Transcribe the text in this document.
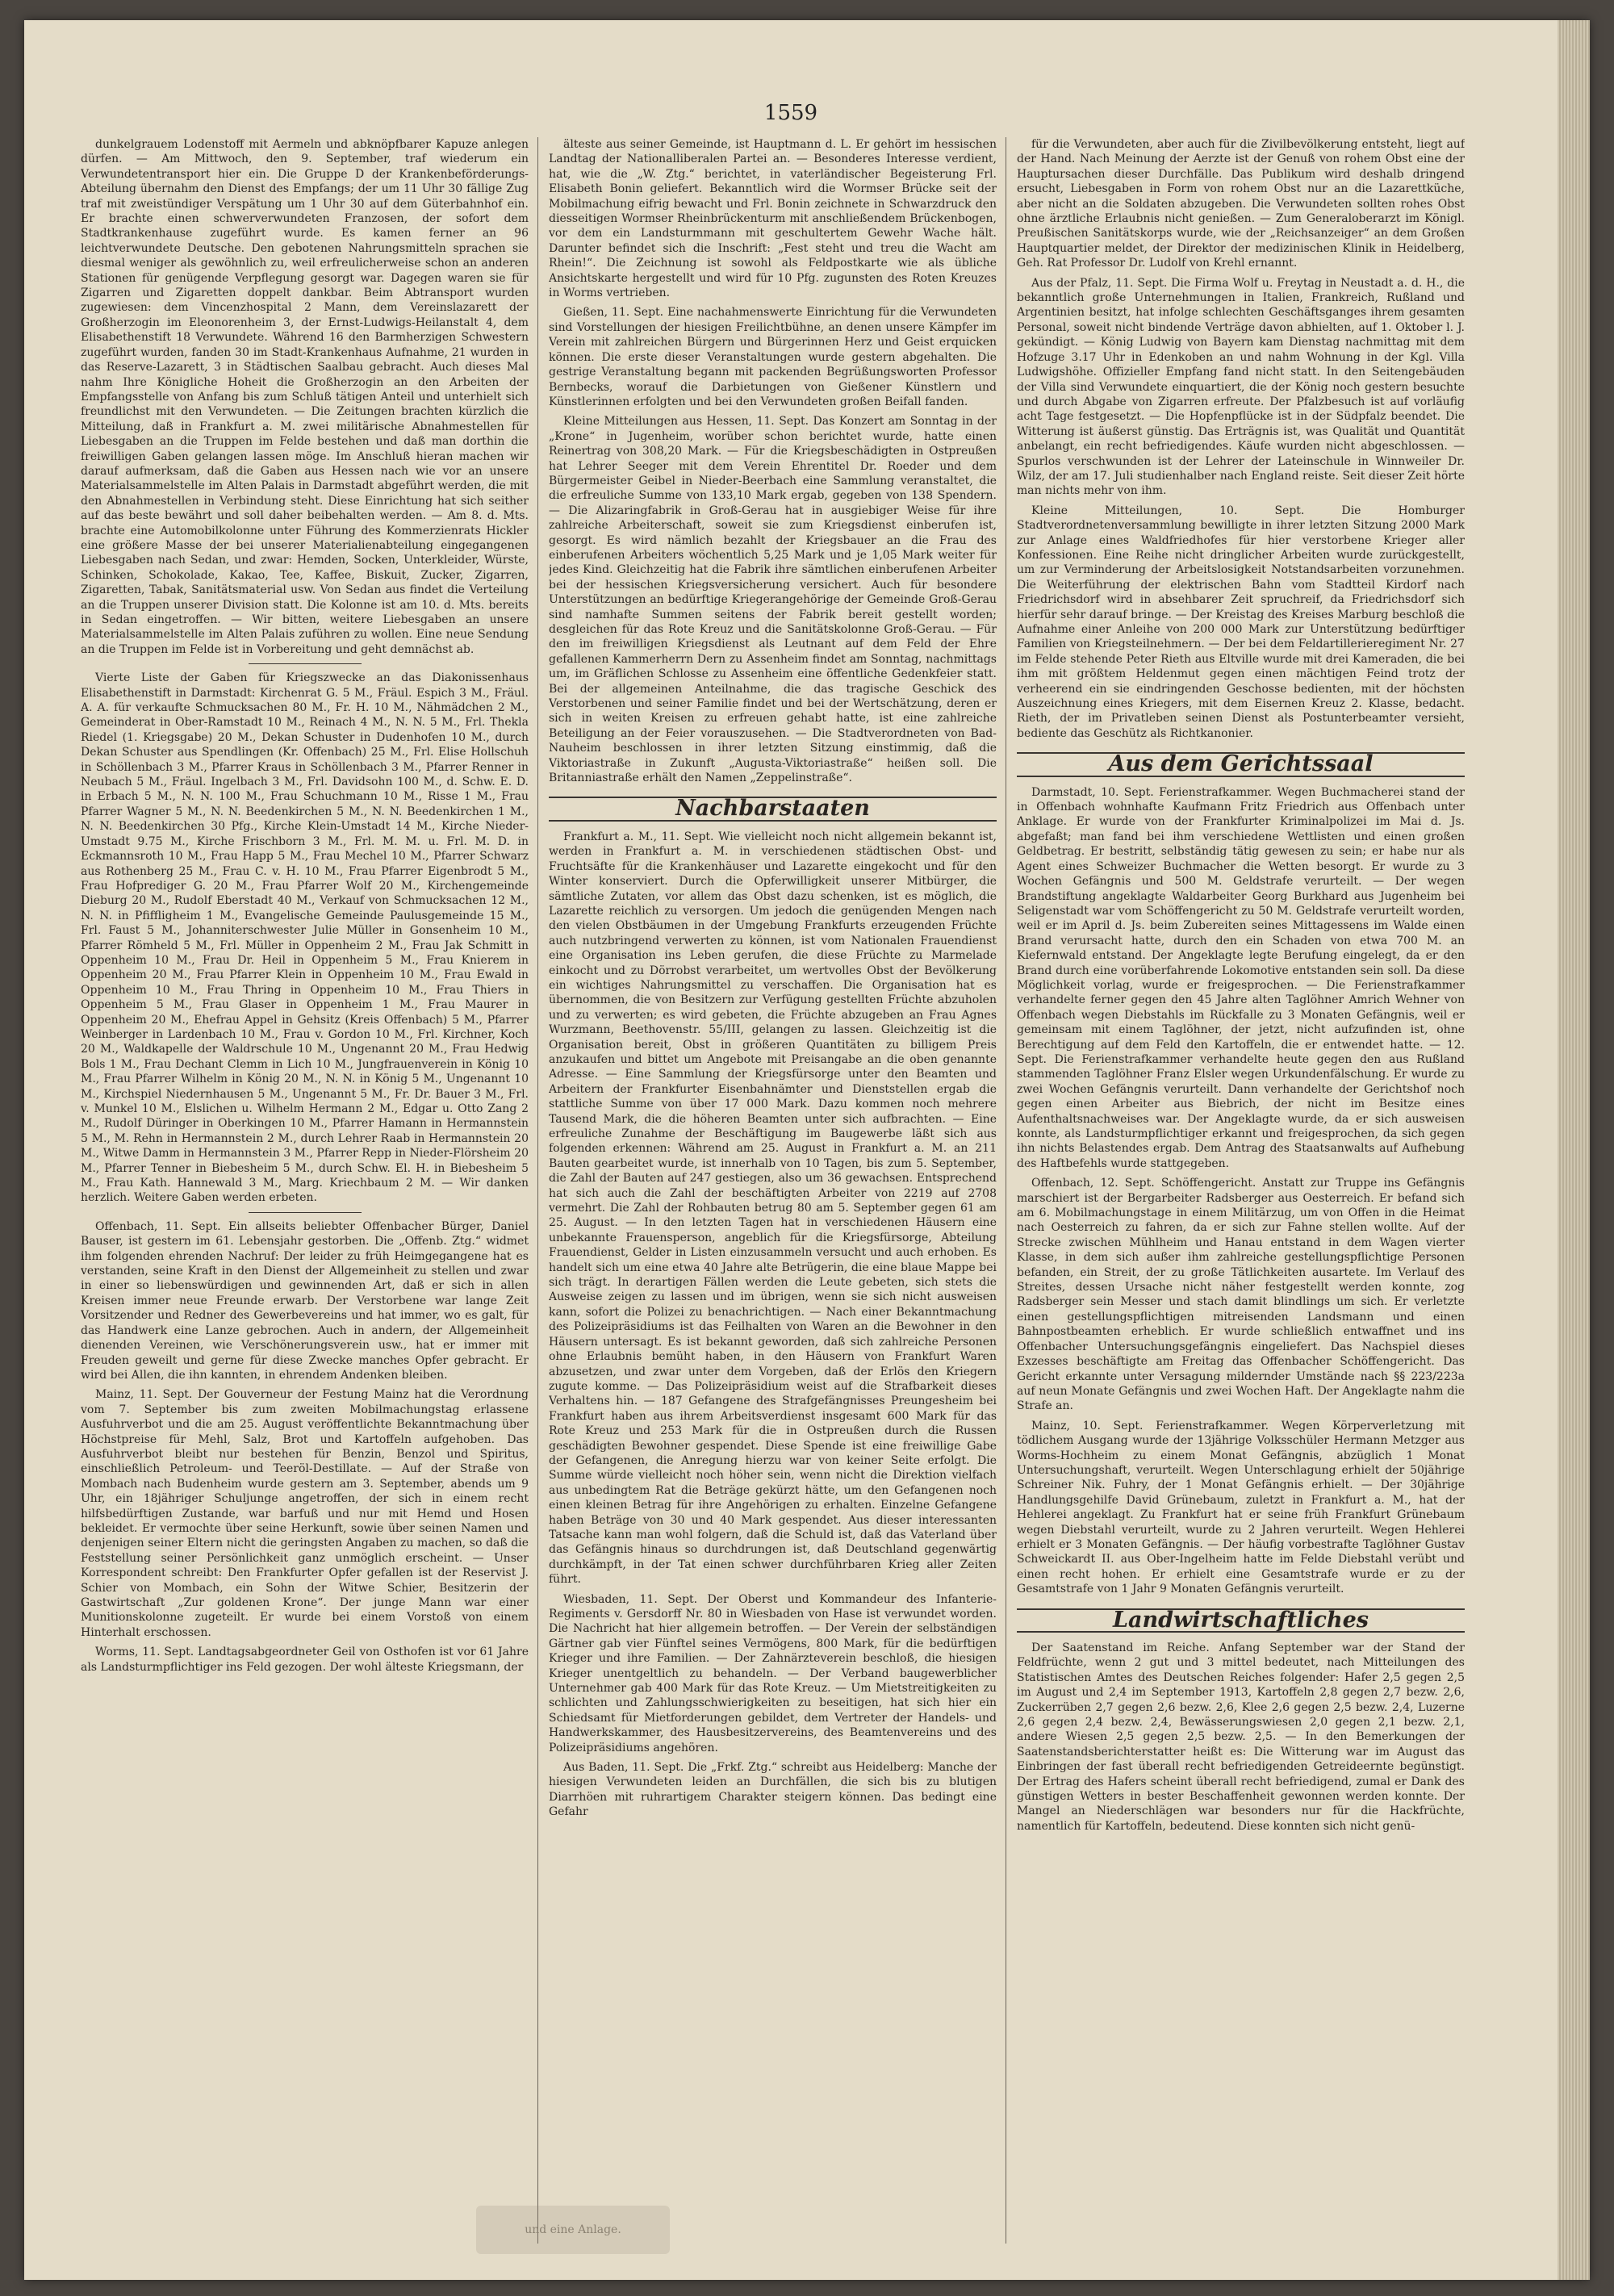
1559

dunkelgrauem Lodenstoff mit Aermeln und abknöpfbarer Kapuze anlegen dürfen. — Am Mittwoch, den 9. September, traf wiederum ein Verwundetentransport hier ein. Die Gruppe D der Krankenbeförderungs-Abteilung übernahm den Dienst des Empfangs; der um 11 Uhr 30 fällige Zug traf mit zweistündiger Verspätung um 1 Uhr 30 auf dem Güterbahnhof ein. Er brachte einen schwerverwundeten Franzosen, der sofort dem Stadtkrankenhause zugeführt wurde. Es kamen ferner an 96 leichtverwundete Deutsche. Den gebotenen Nahrungsmitteln sprachen sie diesmal weniger als gewöhnlich zu, weil erfreulicherweise schon an anderen Stationen für genügende Verpflegung gesorgt war. Dagegen waren sie für Zigarren und Zigaretten doppelt dankbar. Beim Abtransport wurden zugewiesen: dem Vincenzhospital 2 Mann, dem Vereinslazarett der Großherzogin im Eleonorenheim 3, der Ernst-Ludwigs-Heilanstalt 4, dem Elisabethenstift 18 Verwundete. Während 16 den Barmherzigen Schwestern zugeführt wurden, fanden 30 im Stadt-Krankenhaus Aufnahme, 21 wurden in das Reserve-Lazarett, 3 in Städtischen Saalbau gebracht. Auch dieses Mal nahm Ihre Königliche Hoheit die Großherzogin an den Arbeiten der Empfangsstelle von Anfang bis zum Schluß tätigen Anteil und unterhielt sich freundlichst mit den Verwundeten. — Die Zeitungen brachten kürzlich die Mitteilung, daß in Frankfurt a. M. zwei militärische Abnahmestellen für Liebesgaben an die Truppen im Felde bestehen und daß man dorthin die freiwilligen Gaben gelangen lassen möge. Im Anschluß hieran machen wir darauf aufmerksam, daß die Gaben aus Hessen nach wie vor an unsere Materialsammelstelle im Alten Palais in Darmstadt abgeführt werden, die mit den Abnahmestellen in Verbindung steht. Diese Einrichtung hat sich seither auf das beste bewährt und soll daher beibehalten werden. — Am 8. d. Mts. brachte eine Automobilkolonne unter Führung des Kommerzienrats Hickler eine größere Masse der bei unserer Materialienabteilung eingegangenen Liebesgaben nach Sedan, und zwar: Hemden, Socken, Unterkleider, Würste, Schinken, Schokolade, Kakao, Tee, Kaffee, Biskuit, Zucker, Zigarren, Zigaretten, Tabak, Sanitätsmaterial usw. Von Sedan aus findet die Verteilung an die Truppen unserer Division statt. Die Kolonne ist am 10. d. Mts. bereits in Sedan eingetroffen. — Wir bitten, weitere Liebesgaben an unsere Materialsammelstelle im Alten Palais zuführen zu wollen. Eine neue Sendung an die Truppen im Felde ist in Vorbereitung und geht demnächst ab.

Vierte Liste der Gaben für Kriegszwecke an das Diakonissenhaus Elisabethenstift in Darmstadt: Kirchenrat G. 5 M., Fräul. Espich 3 M., Fräul. A. A. für verkaufte Schmucksachen 80 M., Fr. H. 10 M., Nähmädchen 2 M., Gemeinderat in Ober-Ramstadt 10 M., Reinach 4 M., N. N. 5 M., Frl. Thekla Riedel (1. Kriegsgabe) 20 M., Dekan Schuster in Dudenhofen 10 M., durch Dekan Schuster aus Spendlingen (Kr. Offenbach) 25 M., Frl. Elise Hollschuh in Schöllenbach 3 M., Pfarrer Kraus in Schöllenbach 3 M., Pfarrer Renner in Neubach 5 M., Fräul. Ingelbach 3 M., Frl. Davidsohn 100 M., d. Schw. E. D. in Erbach 5 M., N. N. 100 M., Frau Schuchmann 10 M., Risse 1 M., Frau Pfarrer Wagner 5 M., N. N. Beedenkirchen 5 M., N. N. Beedenkirchen 1 M., N. N. Beedenkirchen 30 Pfg., Kirche Klein-Umstadt 14 M., Kirche Nieder-Umstadt 9.75 M., Kirche Frischborn 3 M., Frl. M. M. u. Frl. M. D. in Eckmannsroth 10 M., Frau Happ 5 M., Frau Mechel 10 M., Pfarrer Schwarz aus Rothenberg 25 M., Frau C. v. H. 10 M., Frau Pfarrer Eigenbrodt 5 M., Frau Hofprediger G. 20 M., Frau Pfarrer Wolf 20 M., Kirchengemeinde Dieburg 20 M., Rudolf Eberstadt 40 M., Verkauf von Schmucksachen 12 M., N. N. in Pfiffligheim 1 M., Evangelische Gemeinde Paulusgemeinde 15 M., Frl. Faust 5 M., Johanniterschwester Julie Müller in Gonsenheim 10 M., Pfarrer Römheld 5 M., Frl. Müller in Oppenheim 2 M., Frau Jak Schmitt in Oppenheim 10 M., Frau Dr. Heil in Oppenheim 5 M., Frau Knierem in Oppenheim 20 M., Frau Pfarrer Klein in Oppenheim 10 M., Frau Ewald in Oppenheim 10 M., Frau Thring in Oppenheim 10 M., Frau Thiers in Oppenheim 5 M., Frau Glaser in Oppenheim 1 M., Frau Maurer in Oppenheim 20 M., Ehefrau Appel in Gehsitz (Kreis Offenbach) 5 M., Pfarrer Weinberger in Lardenbach 10 M., Frau v. Gordon 10 M., Frl. Kirchner, Koch 20 M., Waldkapelle der Waldrschule 10 M., Ungenannt 20 M., Frau Hedwig Bols 1 M., Frau Dechant Clemm in Lich 10 M., Jungfrauenverein in König 10 M., Frau Pfarrer Wilhelm in König 20 M., N. N. in König 5 M., Ungenannt 10 M., Kirchspiel Niedernhausen 5 M., Ungenannt 5 M., Fr. Dr. Bauer 3 M., Frl. v. Munkel 10 M., Elslichen u. Wilhelm Hermann 2 M., Edgar u. Otto Zang 2 M., Rudolf Düringer in Oberkingen 10 M., Pfarrer Hamann in Hermannstein 5 M., M. Rehn in Hermannstein 2 M., durch Lehrer Raab in Hermannstein 20 M., Witwe Damm in Hermannstein 3 M., Pfarrer Repp in Nieder-Flörsheim 20 M., Pfarrer Tenner in Biebesheim 5 M., durch Schw. El. H. in Biebesheim 5 M., Frau Kath. Hannewald 3 M., Marg. Kriechbaum 2 M. — Wir danken herzlich. Weitere Gaben werden erbeten.

Offenbach, 11. Sept. Ein allseits beliebter Offenbacher Bürger, Daniel Bauser, ist gestern im 61. Lebensjahr gestorben. Die „Offenb. Ztg.“ widmet ihm folgenden ehrenden Nachruf: Der leider zu früh Heimgegangene hat es verstanden, seine Kraft in den Dienst der Allgemeinheit zu stellen und zwar in einer so liebenswürdigen und gewinnenden Art, daß er sich in allen Kreisen immer neue Freunde erwarb. Der Verstorbene war lange Zeit Vorsitzender und Redner des Gewerbevereins und hat immer, wo es galt, für das Handwerk eine Lanze gebrochen. Auch in andern, der Allgemeinheit dienenden Vereinen, wie Verschönerungsverein usw., hat er immer mit Freuden geweilt und gerne für diese Zwecke manches Opfer gebracht. Er wird bei Allen, die ihn kannten, in ehrendem Andenken bleiben.

Mainz, 11. Sept. Der Gouverneur der Festung Mainz hat die Verordnung vom 7. September bis zum zweiten Mobilmachungstag erlassene Ausfuhrverbot und die am 25. August veröffentlichte Bekanntmachung über Höchstpreise für Mehl, Salz, Brot und Kartoffeln aufgehoben. Das Ausfuhrverbot bleibt nur bestehen für Benzin, Benzol und Spiritus, einschließlich Petroleum- und Teeröl-Destillate. — Auf der Straße von Mombach nach Budenheim wurde gestern am 3. September, abends um 9 Uhr, ein 18jähriger Schuljunge angetroffen, der sich in einem recht hilfsbedürftigen Zustande, war barfuß und nur mit Hemd und Hosen bekleidet. Er vermochte über seine Herkunft, sowie über seinen Namen und denjenigen seiner Eltern nicht die geringsten Angaben zu machen, so daß die Feststellung seiner Persönlichkeit ganz unmöglich erscheint. — Unser Korrespondent schreibt: Den Frankfurter Opfer gefallen ist der Reservist J. Schier von Mombach, ein Sohn der Witwe Schier, Besitzerin der Gastwirtschaft „Zur goldenen Krone“. Der junge Mann war einer Munitionskolonne zugeteilt. Er wurde bei einem Vorstoß von einem Hinterhalt erschossen.

Worms, 11. Sept. Landtagsabgeordneter Geil von Osthofen ist vor 61 Jahre als Landsturmpflichtiger ins Feld gezogen. Der wohl älteste Kriegsmann, der

älteste aus seiner Gemeinde, ist Hauptmann d. L. Er gehört im hessischen Landtag der Nationalliberalen Partei an. — Besonderes Interesse verdient, hat, wie die „W. Ztg.“ berichtet, in vaterländischer Begeisterung Frl. Elisabeth Bonin geliefert. Bekanntlich wird die Wormser Brücke seit der Mobilmachung eifrig bewacht und Frl. Bonin zeichnete in Schwarzdruck den diesseitigen Wormser Rheinbrückenturm mit anschließendem Brückenbogen, vor dem ein Landsturmmann mit geschultertem Gewehr Wache hält. Darunter befindet sich die Inschrift: „Fest steht und treu die Wacht am Rhein!“. Die Zeichnung ist sowohl als Feldpostkarte wie als übliche Ansichtskarte hergestellt und wird für 10 Pfg. zugunsten des Roten Kreuzes in Worms vertrieben.

Gießen, 11. Sept. Eine nachahmenswerte Einrichtung für die Verwundeten sind Vorstellungen der hiesigen Freilichtbühne, an denen unsere Kämpfer im Verein mit zahlreichen Bürgern und Bürgerinnen Herz und Geist erquicken können. Die erste dieser Veranstaltungen wurde gestern abgehalten. Die gestrige Veranstaltung begann mit packenden Begrüßungsworten Professor Bernbecks, worauf die Darbietungen von Gießener Künstlern und Künstlerinnen erfolgten und bei den Verwundeten großen Beifall fanden.

Kleine Mitteilungen aus Hessen, 11. Sept. Das Konzert am Sonntag in der „Krone“ in Jugenheim, worüber schon berichtet wurde, hatte einen Reinertrag von 308,20 Mark. — Für die Kriegsbeschädigten in Ostpreußen hat Lehrer Seeger mit dem Verein Ehrentitel Dr. Roeder und dem Bürgermeister Geibel in Nieder-Beerbach eine Sammlung veranstaltet, die die erfreuliche Summe von 133,10 Mark ergab, gegeben von 138 Spendern. — Die Alizaringfabrik in Groß-Gerau hat in ausgiebiger Weise für ihre zahlreiche Arbeiterschaft, soweit sie zum Kriegsdienst einberufen ist, gesorgt. Es wird nämlich bezahlt der Kriegsbauer an die Frau des einberufenen Arbeiters wöchentlich 5,25 Mark und je 1,05 Mark weiter für jedes Kind. Gleichzeitig hat die Fabrik ihre sämtlichen einberufenen Arbeiter bei der hessischen Kriegsversicherung versichert. Auch für besondere Unterstützungen an bedürftige Kriegerangehörige der Gemeinde Groß-Gerau sind namhafte Summen seitens der Fabrik bereit gestellt worden; desgleichen für das Rote Kreuz und die Sanitätskolonne Groß-Gerau. — Für den im freiwilligen Kriegsdienst als Leutnant auf dem Feld der Ehre gefallenen Kammerherrn Dern zu Assenheim findet am Sonntag, nachmittags um, im Gräflichen Schlosse zu Assenheim eine öffentliche Gedenkfeier statt. Bei der allgemeinen Anteilnahme, die das tragische Geschick des Verstorbenen und seiner Familie findet und bei der Wertschätzung, deren er sich in weiten Kreisen zu erfreuen gehabt hatte, ist eine zahlreiche Beteiligung an der Feier vorauszusehen. — Die Stadtverordneten von Bad-Nauheim beschlossen in ihrer letzten Sitzung einstimmig, daß die Viktoriastraße in Zukunft „Augusta-Viktoriastraße“ heißen soll. Die Britanniastraße erhält den Namen „Zeppelinstraße“.

Nachbarstaaten

Frankfurt a. M., 11. Sept. Wie vielleicht noch nicht allgemein bekannt ist, werden in Frankfurt a. M. in verschiedenen städtischen Obst- und Fruchtsäfte für die Krankenhäuser und Lazarette eingekocht und für den Winter konserviert. Durch die Opferwilligkeit unserer Mitbürger, die sämtliche Zutaten, vor allem das Obst dazu schenken, ist es möglich, die Lazarette reichlich zu versorgen. Um jedoch die genügenden Mengen nach den vielen Obstbäumen in der Umgebung Frankfurts erzeugenden Früchte auch nutzbringend verwerten zu können, ist vom Nationalen Frauendienst eine Organisation ins Leben gerufen, die diese Früchte zu Marmelade einkocht und zu Dörrobst verarbeitet, um wertvolles Obst der Bevölkerung ein wichtiges Nahrungsmittel zu verschaffen. Die Organisation hat es übernommen, die von Besitzern zur Verfügung gestellten Früchte abzuholen und zu verwerten; es wird gebeten, die Früchte abzugeben an Frau Agnes Wurzmann, Beethovenstr. 55/III, gelangen zu lassen. Gleichzeitig ist die Organisation bereit, Obst in größeren Quantitäten zu billigem Preis anzukaufen und bittet um Angebote mit Preisangabe an die oben genannte Adresse. — Eine Sammlung der Kriegsfürsorge unter den Beamten und Arbeitern der Frankfurter Eisenbahnämter und Dienststellen ergab die stattliche Summe von über 17 000 Mark. Dazu kommen noch mehrere Tausend Mark, die die höheren Beamten unter sich aufbrachten. — Eine erfreuliche Zunahme der Beschäftigung im Baugewerbe läßt sich aus folgenden erkennen: Während am 25. August in Frankfurt a. M. an 211 Bauten gearbeitet wurde, ist innerhalb von 10 Tagen, bis zum 5. September, die Zahl der Bauten auf 247 gestiegen, also um 36 gewachsen. Entsprechend hat sich auch die Zahl der beschäftigten Arbeiter von 2219 auf 2708 vermehrt. Die Zahl der Rohbauten betrug 80 am 5. September gegen 61 am 25. August. — In den letzten Tagen hat in verschiedenen Häusern eine unbekannte Frauensperson, angeblich für die Kriegsfürsorge, Abteilung Frauendienst, Gelder in Listen einzusammeln versucht und auch erhoben. Es handelt sich um eine etwa 40 Jahre alte Betrügerin, die eine blaue Mappe bei sich trägt. In derartigen Fällen werden die Leute gebeten, sich stets die Ausweise zeigen zu lassen und im übrigen, wenn sie sich nicht ausweisen kann, sofort die Polizei zu benachrichtigen. — Nach einer Bekanntmachung des Polizeipräsidiums ist das Feilhalten von Waren an die Bewohner in den Häusern untersagt. Es ist bekannt geworden, daß sich zahlreiche Personen ohne Erlaubnis bemüht haben, in den Häusern von Frankfurt Waren abzusetzen, und zwar unter dem Vorgeben, daß der Erlös den Kriegern zugute komme. — Das Polizeipräsidium weist auf die Strafbarkeit dieses Verhaltens hin. — 187 Gefangene des Strafgefängnisses Preungesheim bei Frankfurt haben aus ihrem Arbeitsverdienst insgesamt 600 Mark für das Rote Kreuz und 253 Mark für die in Ostpreußen durch die Russen geschädigten Bewohner gespendet. Diese Spende ist eine freiwillige Gabe der Gefangenen, die Anregung hierzu war von keiner Seite erfolgt. Die Summe würde vielleicht noch höher sein, wenn nicht die Direktion vielfach aus unbedingtem Rat die Beträge gekürzt hätte, um den Gefangenen noch einen kleinen Betrag für ihre Angehörigen zu erhalten. Einzelne Gefangene haben Beträge von 30 und 40 Mark gespendet. Aus dieser interessanten Tatsache kann man wohl folgern, daß die Schuld ist, daß das Vaterland über das Gefängnis hinaus so durchdrungen ist, daß Deutschland gegenwärtig durchkämpft, in der Tat einen schwer durchführbaren Krieg aller Zeiten führt.

Wiesbaden, 11. Sept. Der Oberst und Kommandeur des Infanterie-Regiments v. Gersdorff Nr. 80 in Wiesbaden von Hase ist verwundet worden. Die Nachricht hat hier allgemein betroffen. — Der Verein der selbständigen Gärtner gab vier Fünftel seines Vermögens, 800 Mark, für die bedürftigen Krieger und ihre Familien. — Der Zahnärzteverein beschloß, die hiesigen Krieger unentgeltlich zu behandeln. — Der Verband baugewerblicher Unternehmer gab 400 Mark für das Rote Kreuz. — Um Mietstreitigkeiten zu schlichten und Zahlungsschwierigkeiten zu beseitigen, hat sich hier ein Schiedsamt für Mietforderungen gebildet, dem Vertreter der Handels- und Handwerkskammer, des Hausbesitzervereins, des Beamtenvereins und des Polizeipräsidiums angehören.

Aus Baden, 11. Sept. Die „Frkf. Ztg.“ schreibt aus Heidelberg: Manche der hiesigen Verwundeten leiden an Durchfällen, die sich bis zu blutigen Diarrhöen mit ruhrartigem Charakter steigern können. Das bedingt eine Gefahr

für die Verwundeten, aber auch für die Zivilbevölkerung entsteht, liegt auf der Hand. Nach Meinung der Aerzte ist der Genuß von rohem Obst eine der Hauptursachen dieser Durchfälle. Das Publikum wird deshalb dringend ersucht, Liebesgaben in Form von rohem Obst nur an die Lazarettküche, aber nicht an die Soldaten abzugeben. Die Verwundeten sollten rohes Obst ohne ärztliche Erlaubnis nicht genießen. — Zum Generaloberarzt im Königl. Preußischen Sanitätskorps wurde, wie der „Reichsanzeiger“ an dem Großen Hauptquartier meldet, der Direktor der medizinischen Klinik in Heidelberg, Geh. Rat Professor Dr. Ludolf von Krehl ernannt.

Aus der Pfalz, 11. Sept. Die Firma Wolf u. Freytag in Neustadt a. d. H., die bekanntlich große Unternehmungen in Italien, Frankreich, Rußland und Argentinien besitzt, hat infolge schlechten Geschäftsganges ihrem gesamten Personal, soweit nicht bindende Verträge davon abhielten, auf 1. Oktober l. J. gekündigt. — König Ludwig von Bayern kam Dienstag nachmittag mit dem Hofzuge 3.17 Uhr in Edenkoben an und nahm Wohnung in der Kgl. Villa Ludwigshöhe. Offizieller Empfang fand nicht statt. In den Seitengebäuden der Villa sind Verwundete einquartiert, die der König noch gestern besuchte und durch Abgabe von Zigarren erfreute. Der Pfalzbesuch ist auf vorläufig acht Tage festgesetzt. — Die Hopfenpflücke ist in der Südpfalz beendet. Die Witterung ist äußerst günstig. Das Erträgnis ist, was Qualität und Quantität anbelangt, ein recht befriedigendes. Käufe wurden nicht abgeschlossen. — Spurlos verschwunden ist der Lehrer der Lateinschule in Winnweiler Dr. Wilz, der am 17. Juli studienhalber nach England reiste. Seit dieser Zeit hörte man nichts mehr von ihm.

Kleine Mitteilungen, 10. Sept. Die Homburger Stadtverordnetenversammlung bewilligte in ihrer letzten Sitzung 2000 Mark zur Anlage eines Waldfriedhofes für hier verstorbene Krieger aller Konfessionen. Eine Reihe nicht dringlicher Arbeiten wurde zurückgestellt, um zur Verminderung der Arbeitslosigkeit Notstandsarbeiten vorzunehmen. Die Weiterführung der elektrischen Bahn vom Stadtteil Kirdorf nach Friedrichsdorf wird in absehbarer Zeit spruchreif, da Friedrichsdorf sich hierfür sehr darauf bringe. — Der Kreistag des Kreises Marburg beschloß die Aufnahme einer Anleihe von 200 000 Mark zur Unterstützung bedürftiger Familien von Kriegsteilnehmern. — Der bei dem Feldartillerieregiment Nr. 27 im Felde stehende Peter Rieth aus Eltville wurde mit drei Kameraden, die bei ihm mit größtem Heldenmut gegen einen mächtigen Feind trotz der verheerend ein sie eindringenden Geschosse bedienten, mit der höchsten Auszeichnung eines Kriegers, mit dem Eisernen Kreuz 2. Klasse, bedacht. Rieth, der im Privatleben seinen Dienst als Postunterbeamter versieht, bediente das Geschütz als Richtkanonier.

Aus dem Gerichtssaal

Darmstadt, 10. Sept. Ferienstrafkammer. Wegen Buchmacherei stand der in Offenbach wohnhafte Kaufmann Fritz Friedrich aus Offenbach unter Anklage. Er wurde von der Frankfurter Kriminalpolizei im Mai d. Js. abgefaßt; man fand bei ihm verschiedene Wettlisten und einen großen Geldbetrag. Er bestritt, selbständig tätig gewesen zu sein; er habe nur als Agent eines Schweizer Buchmacher die Wetten besorgt. Er wurde zu 3 Wochen Gefängnis und 500 M. Geldstrafe verurteilt. — Der wegen Brandstiftung angeklagte Waldarbeiter Georg Burkhard aus Jugenheim bei Seligenstadt war vom Schöffengericht zu 50 M. Geldstrafe verurteilt worden, weil er im April d. Js. beim Zubereiten seines Mittagessens im Walde einen Brand verursacht hatte, durch den ein Schaden von etwa 700 M. an Kiefernwald entstand. Der Angeklagte legte Berufung eingelegt, da er den Brand durch eine vorüberfahrende Lokomotive entstanden sein soll. Da diese Möglichkeit vorlag, wurde er freigesprochen. — Die Ferienstrafkammer verhandelte ferner gegen den 45 Jahre alten Taglöhner Amrich Wehner von Offenbach wegen Diebstahls im Rückfalle zu 3 Monaten Gefängnis, weil er gemeinsam mit einem Taglöhner, der jetzt, nicht aufzufinden ist, ohne Berechtigung auf dem Feld den Kartoffeln, die er entwendet hatte. — 12. Sept. Die Ferienstrafkammer verhandelte heute gegen den aus Rußland stammenden Taglöhner Franz Elsler wegen Urkundenfälschung. Er wurde zu zwei Wochen Gefängnis verurteilt. Dann verhandelte der Gerichtshof noch gegen einen Arbeiter aus Biebrich, der nicht im Besitze eines Aufenthaltsnachweises war. Der Angeklagte wurde, da er sich ausweisen konnte, als Landsturmpflichtiger erkannt und freigesprochen, da sich gegen ihn nichts Belastendes ergab. Dem Antrag des Staatsanwalts auf Aufhebung des Haftbefehls wurde stattgegeben.

Offenbach, 12. Sept. Schöffengericht. Anstatt zur Truppe ins Gefängnis marschiert ist der Bergarbeiter Radsberger aus Oesterreich. Er befand sich am 6. Mobilmachungstage in einem Militärzug, um von Offen in die Heimat nach Oesterreich zu fahren, da er sich zur Fahne stellen wollte. Auf der Strecke zwischen Mühlheim und Hanau entstand in dem Wagen vierter Klasse, in dem sich außer ihm zahlreiche gestellungspflichtige Personen befanden, ein Streit, der zu große Tätlichkeiten ausartete. Im Verlauf des Streites, dessen Ursache nicht näher festgestellt werden konnte, zog Radsberger sein Messer und stach damit blindlings um sich. Er verletzte einen gestellungspflichtigen mitreisenden Landsmann und einen Bahnpostbeamten erheblich. Er wurde schließlich entwaffnet und ins Offenbacher Untersuchungsgefängnis eingeliefert. Das Nachspiel dieses Exzesses beschäftigte am Freitag das Offenbacher Schöffengericht. Das Gericht erkannte unter Versagung mildernder Umstände nach §§ 223/223a auf neun Monate Gefängnis und zwei Wochen Haft. Der Angeklagte nahm die Strafe an.

Mainz, 10. Sept. Ferienstrafkammer. Wegen Körperverletzung mit tödlichem Ausgang wurde der 13jährige Volksschüler Hermann Metzger aus Worms-Hochheim zu einem Monat Gefängnis, abzüglich 1 Monat Untersuchungshaft, verurteilt. Wegen Unterschlagung erhielt der 50jährige Schreiner Nik. Fuhry, der 1 Monat Gefängnis erhielt. — Der 30jährige Handlungsgehilfe David Grünebaum, zuletzt in Frankfurt a. M., hat der Hehlerei angeklagt. Zu Frankfurt hat er seine früh Frankfurt Grünebaum wegen Diebstahl verurteilt, wurde zu 2 Jahren verurteilt. Wegen Hehlerei erhielt er 3 Monaten Gefängnis. — Der häufig vorbestrafte Taglöhner Gustav Schweickardt II. aus Ober-Ingelheim hatte im Felde Diebstahl verübt und einen recht hohen. Er erhielt eine Gesamtstrafe wurde er zu der Gesamtstrafe von 1 Jahr 9 Monaten Gefängnis verurteilt.

Landwirtschaftliches

Der Saatenstand im Reiche. Anfang September war der Stand der Feldfrüchte, wenn 2 gut und 3 mittel bedeutet, nach Mitteilungen des Statistischen Amtes des Deutschen Reiches folgender: Hafer 2,5 gegen 2,5 im August und 2,4 im September 1913, Kartoffeln 2,8 gegen 2,7 bezw. 2,6, Zuckerrüben 2,7 gegen 2,6 bezw. 2,6, Klee 2,6 gegen 2,5 bezw. 2,4, Luzerne 2,6 gegen 2,4 bezw. 2,4, Bewässerungswiesen 2,0 gegen 2,1 bezw. 2,1, andere Wiesen 2,5 gegen 2,5 bezw. 2,5. — In den Bemerkungen der Saatenstandsberichterstatter heißt es: Die Witterung war im August das Einbringen der fast überall recht befriedigenden Getreideernte begünstigt. Der Ertrag des Hafers scheint überall recht befriedigend, zumal er Dank des günstigen Wetters in bester Beschaffenheit gewonnen werden konnte. Der Mangel an Niederschlägen war besonders nur für die Hackfrüchte, namentlich für Kartoffeln, bedeutend. Diese konnten sich nicht genü-

und eine Anlage.
